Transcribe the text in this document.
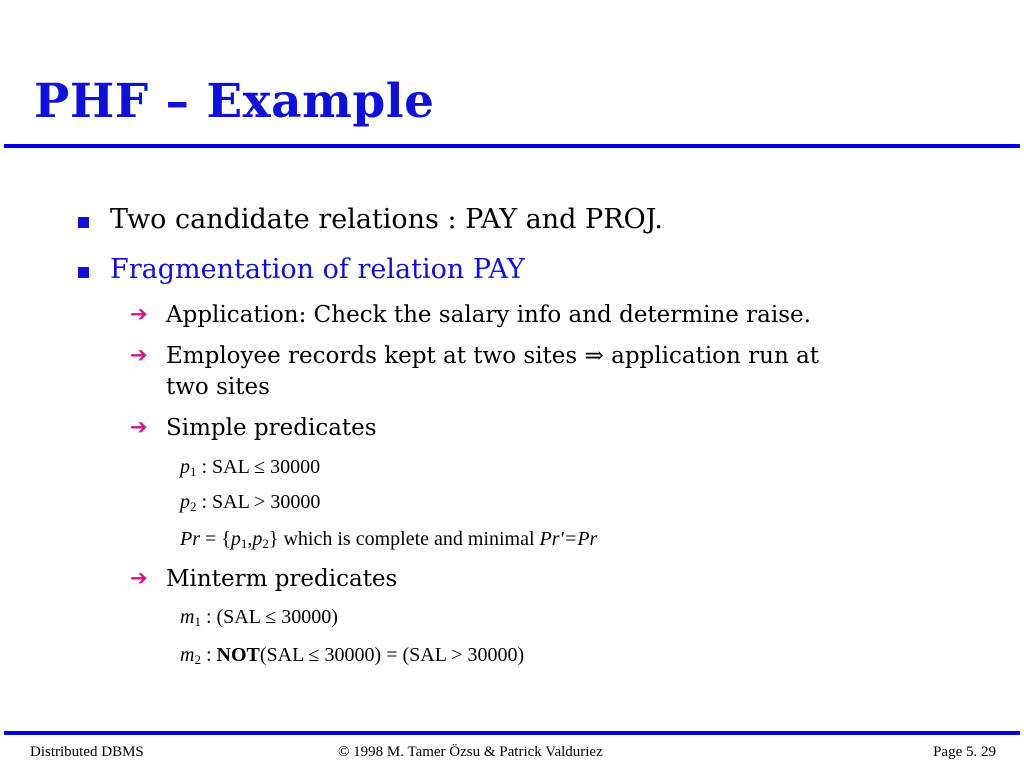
PHF – Example
Two candidate relations : PAY and PROJ.
Fragmentation of relation PAY
➔ Application: Check the salary info and determine raise.
➔ Employee records kept at two sites ⇒ application run at
two sites
➔ Simple predicates
$p_1$ : SAL ≤ 30000
$p_2$ : SAL > 30000
$Pr = \{p_1,p_2\}$ which is complete and minimal Pr'=Pr
➔ Minterm predicates
$m_1$ : (SAL ≤ 30000)
$m_2$ : NOT(SAL ≤ 30000) = (SAL > 30000)
Distributed DBMS	© 1998 M. Tamer Özsu & Patrick Valduriez	Page 5. 29
